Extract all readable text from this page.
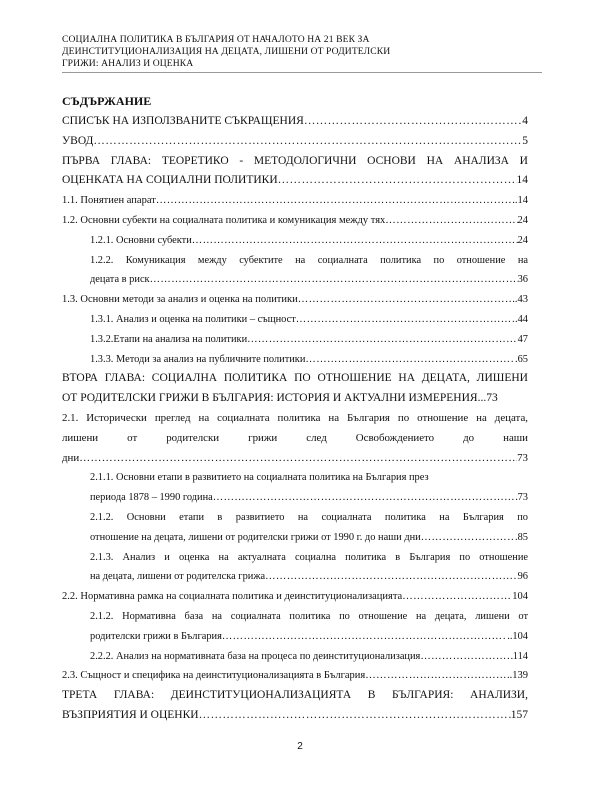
СОЦИАЛНА ПОЛИТИКА В БЪЛГАРИЯ ОТ НАЧАЛОТО НА 21 ВЕК ЗА
ДЕИНСТИТУЦИОНАЛИЗАЦИЯ НА ДЕЦАТА, ЛИШЕНИ ОТ РОДИТЕЛСКИ
ГРИЖИ: АНАЛИЗ И ОЦЕНКА
СЪДЪРЖАНИЕ
СПИСЪК НА ИЗПОЛЗВАНИТЕ СЪКРАЩЕНИЯ ……………………………………………………………………………………………………………………………………………………………………………………	4
УВОД ……………………………………………………………………………………………………………………………………………………………………………………	5
ПЪРВА ГЛАВА: ТЕОРЕТИКО - МЕТОДОЛОГИЧНИ ОСНОВИ НА АНАЛИЗА И
ОЦЕНКАТА НА СОЦИАЛНИ ПОЛИТИКИ ……………………………………………………………………………………………………………………………………………………………………………………	14
1.1. Понятиен апарат ……………………………………………………………………………………………………………………………………………………………………………………	..14
1.2. Основни субекти на социалната политика и комуникация между тях ……………………………………………………………………………………………………………………………………………………………………………………	24
1.2.1. Основни субекти ……………………………………………………………………………………………………………………………………………………………………………………	24
1.2.2. Комуникация между субектите на социалната политика по отношение на
децата в риск ……………………………………………………………………………………………………………………………………………………………………………………	36
1.3. Основни методи за анализ и оценка на политики ……………………………………………………………………………………………………………………………………………………………………………………	..43
1.3.1. Анализ и оценка на политики – същност ……………………………………………………………………………………………………………………………………………………………………………………	.44
1.3.2.Етапи на анализа на политики ……………………………………………………………………………………………………………………………………………………………………………………	47
1.3.3. Методи за анализ на публичните политики ……………………………………………………………………………………………………………………………………………………………………………………	.65
ВТОРА ГЛАВА: СОЦИАЛНА ПОЛИТИКА ПО ОТНОШЕНИЕ НА ДЕЦАТА, ЛИШЕНИ
ОТ РОДИТЕЛСКИ ГРИЖИ В БЪЛГАРИЯ: ИСТОРИЯ И АКТУАЛНИ ИЗМЕРЕНИЯ ...73
2.1. Исторически преглед на социалната политика на България по отношение на децата,
лишени от родителски грижи след Освобождението до наши
дни ……………………………………………………………………………………………………………………………………………………………………………………	73
2.1.1. Основни етапи в развитието на социалната политика на България през
периода 1878 – 1990 година ……………………………………………………………………………………………………………………………………………………………………………………	73
2.1.2. Основни етапи в развитието на социалната политика на България по
отношение на децата, лишени от родителски грижи от 1990 г. до наши дни ……………………………………………………………………………………………………………………………………………………………………………………	.85
2.1.3. Анализ и оценка на актуалната социална политика в България по отношение
на децата, лишени от родителска грижа ……………………………………………………………………………………………………………………………………………………………………………………	96
2.2. Нормативна рамка на социалната политика и деинституционализацията ……………………………………………………………………………………………………………………………………………………………………………………	104
2.1.2. Нормативна база на социалната политика по отношение на децата, лишени от
родителски грижи в България ……………………………………………………………………………………………………………………………………………………………………………………	..104
2.2.2. Анализ на нормативната база на процеса по деинституционализация ……………………………………………………………………………………………………………………………………………………………………………………	114
2.3. Същност и специфика на деинституционализацията в България ……………………………………………………………………………………………………………………………………………………………………………………	..139
ТРЕТА ГЛАВА: ДЕИНСТИТУЦИОНАЛИЗАЦИЯТА В БЪЛГАРИЯ: АНАЛИЗИ,
ВЪЗПРИЯТИЯ И ОЦЕНКИ ……………………………………………………………………………………………………………………………………………………………………………………	157
2
